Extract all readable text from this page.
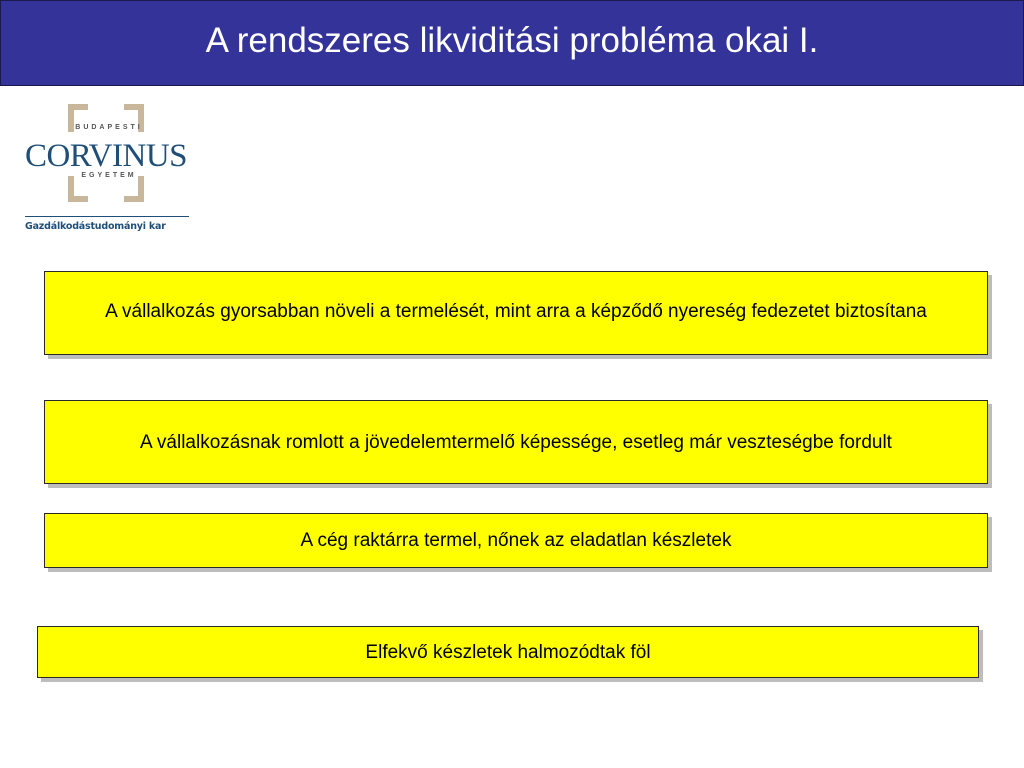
A rendszeres likviditási probléma okai I.
BUDAPESTI
CORVINUS
EGYETEM
Gazdálkodástudományi kar
A vállalkozás gyorsabban növeli a termelését, mint arra a képződő nyereség fedezetet biztosítana
A vállalkozásnak romlott a jövedelemtermelő képessége, esetleg már veszteségbe fordult
A cég raktárra termel, nőnek az eladatlan készletek
Elfekvő készletek halmozódtak föl
